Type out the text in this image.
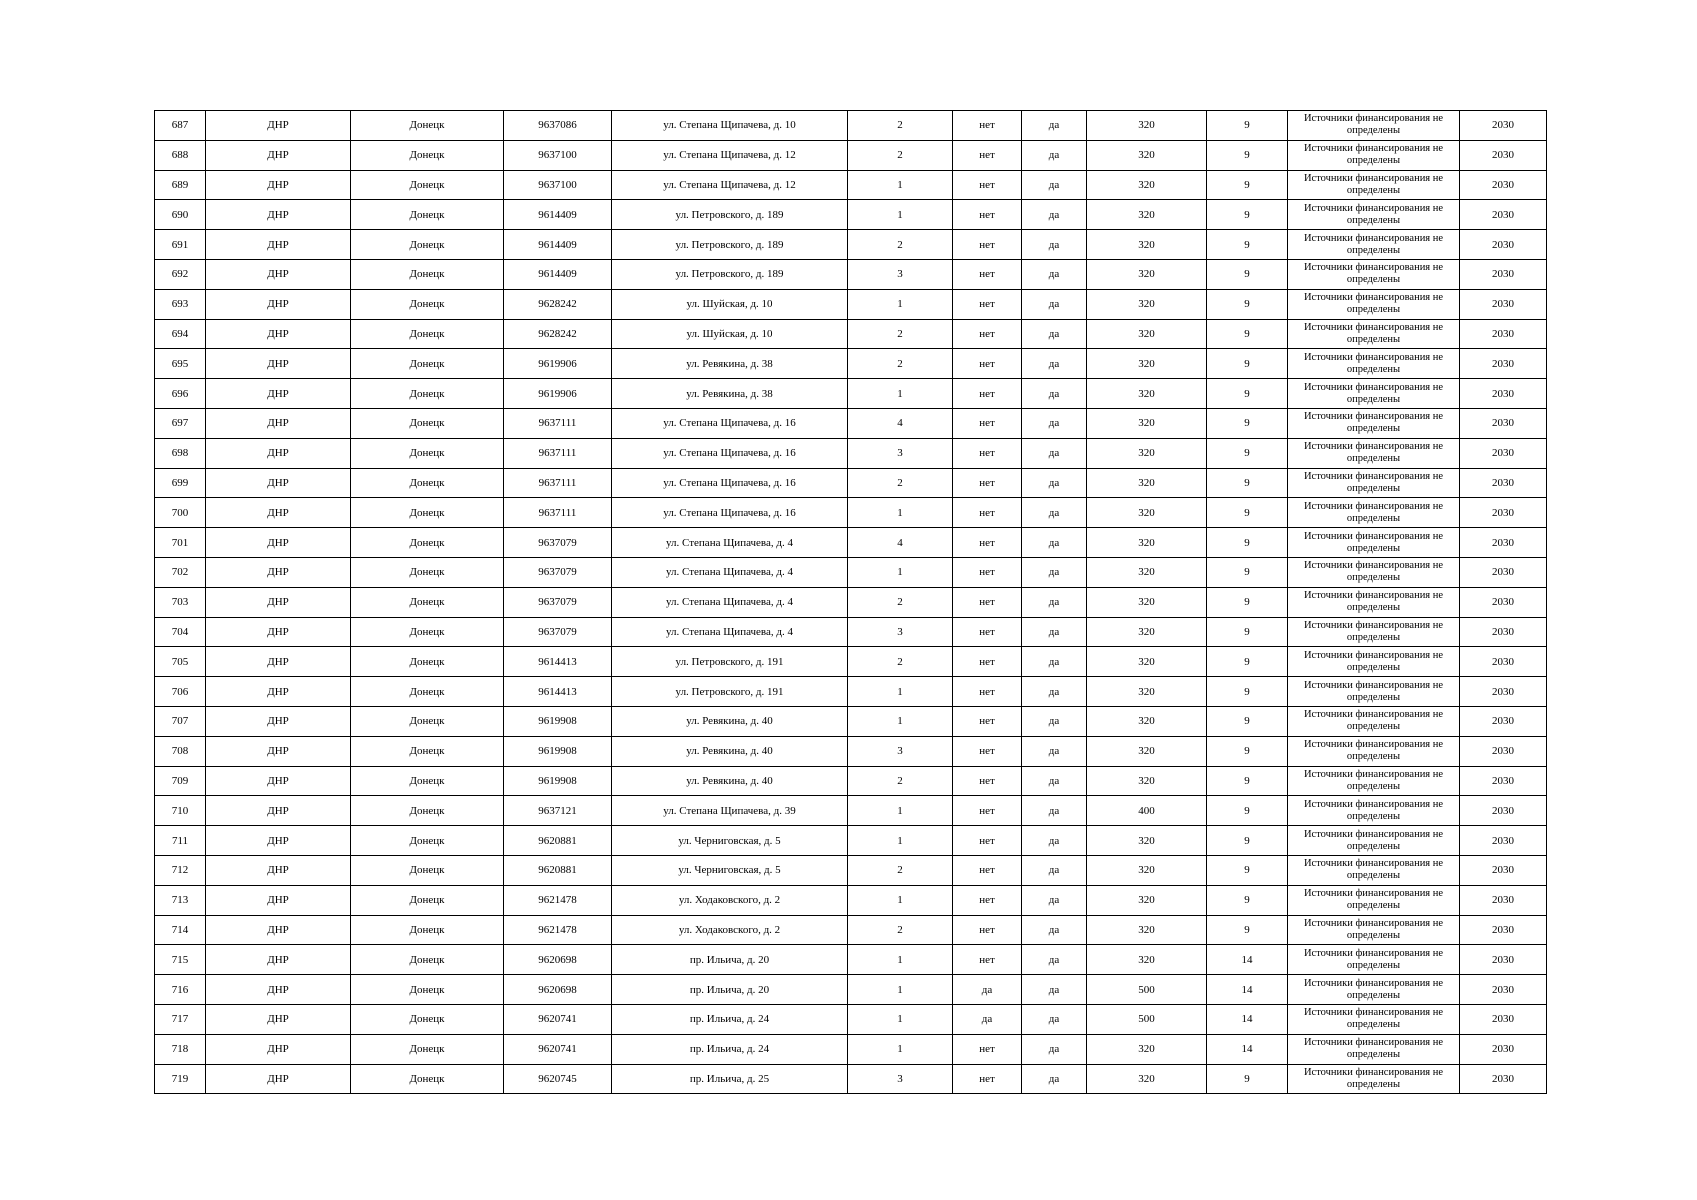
687	ДНР	Донецк	9637086	ул. Степана Щипачева, д. 10	2	нет	да	320	9	Источники финансирования не определены	2030
688	ДНР	Донецк	9637100	ул. Степана Щипачева, д. 12	2	нет	да	320	9	Источники финансирования не определены	2030
689	ДНР	Донецк	9637100	ул. Степана Щипачева, д. 12	1	нет	да	320	9	Источники финансирования не определены	2030
690	ДНР	Донецк	9614409	ул. Петровского, д. 189	1	нет	да	320	9	Источники финансирования не определены	2030
691	ДНР	Донецк	9614409	ул. Петровского, д. 189	2	нет	да	320	9	Источники финансирования не определены	2030
692	ДНР	Донецк	9614409	ул. Петровского, д. 189	3	нет	да	320	9	Источники финансирования не определены	2030
693	ДНР	Донецк	9628242	ул. Шуйская, д. 10	1	нет	да	320	9	Источники финансирования не определены	2030
694	ДНР	Донецк	9628242	ул. Шуйская, д. 10	2	нет	да	320	9	Источники финансирования не определены	2030
695	ДНР	Донецк	9619906	ул. Ревякина, д. 38	2	нет	да	320	9	Источники финансирования не определены	2030
696	ДНР	Донецк	9619906	ул. Ревякина, д. 38	1	нет	да	320	9	Источники финансирования не определены	2030
697	ДНР	Донецк	9637111	ул. Степана Щипачева, д. 16	4	нет	да	320	9	Источники финансирования не определены	2030
698	ДНР	Донецк	9637111	ул. Степана Щипачева, д. 16	3	нет	да	320	9	Источники финансирования не определены	2030
699	ДНР	Донецк	9637111	ул. Степана Щипачева, д. 16	2	нет	да	320	9	Источники финансирования не определены	2030
700	ДНР	Донецк	9637111	ул. Степана Щипачева, д. 16	1	нет	да	320	9	Источники финансирования не определены	2030
701	ДНР	Донецк	9637079	ул. Степана Щипачева, д. 4	4	нет	да	320	9	Источники финансирования не определены	2030
702	ДНР	Донецк	9637079	ул. Степана Щипачева, д. 4	1	нет	да	320	9	Источники финансирования не определены	2030
703	ДНР	Донецк	9637079	ул. Степана Щипачева, д. 4	2	нет	да	320	9	Источники финансирования не определены	2030
704	ДНР	Донецк	9637079	ул. Степана Щипачева, д. 4	3	нет	да	320	9	Источники финансирования не определены	2030
705	ДНР	Донецк	9614413	ул. Петровского, д. 191	2	нет	да	320	9	Источники финансирования не определены	2030
706	ДНР	Донецк	9614413	ул. Петровского, д. 191	1	нет	да	320	9	Источники финансирования не определены	2030
707	ДНР	Донецк	9619908	ул. Ревякина, д. 40	1	нет	да	320	9	Источники финансирования не определены	2030
708	ДНР	Донецк	9619908	ул. Ревякина, д. 40	3	нет	да	320	9	Источники финансирования не определены	2030
709	ДНР	Донецк	9619908	ул. Ревякина, д. 40	2	нет	да	320	9	Источники финансирования не определены	2030
710	ДНР	Донецк	9637121	ул. Степана Щипачева, д. 39	1	нет	да	400	9	Источники финансирования не определены	2030
711	ДНР	Донецк	9620881	ул. Черниговская, д. 5	1	нет	да	320	9	Источники финансирования не определены	2030
712	ДНР	Донецк	9620881	ул. Черниговская, д. 5	2	нет	да	320	9	Источники финансирования не определены	2030
713	ДНР	Донецк	9621478	ул. Ходаковского, д. 2	1	нет	да	320	9	Источники финансирования не определены	2030
714	ДНР	Донецк	9621478	ул. Ходаковского, д. 2	2	нет	да	320	9	Источники финансирования не определены	2030
715	ДНР	Донецк	9620698	пр. Ильича, д. 20	1	нет	да	320	14	Источники финансирования не определены	2030
716	ДНР	Донецк	9620698	пр. Ильича, д. 20	1	да	да	500	14	Источники финансирования не определены	2030
717	ДНР	Донецк	9620741	пр. Ильича, д. 24	1	да	да	500	14	Источники финансирования не определены	2030
718	ДНР	Донецк	9620741	пр. Ильича, д. 24	1	нет	да	320	14	Источники финансирования не определены	2030
719	ДНР	Донецк	9620745	пр. Ильича, д. 25	3	нет	да	320	9	Источники финансирования не определены	2030
